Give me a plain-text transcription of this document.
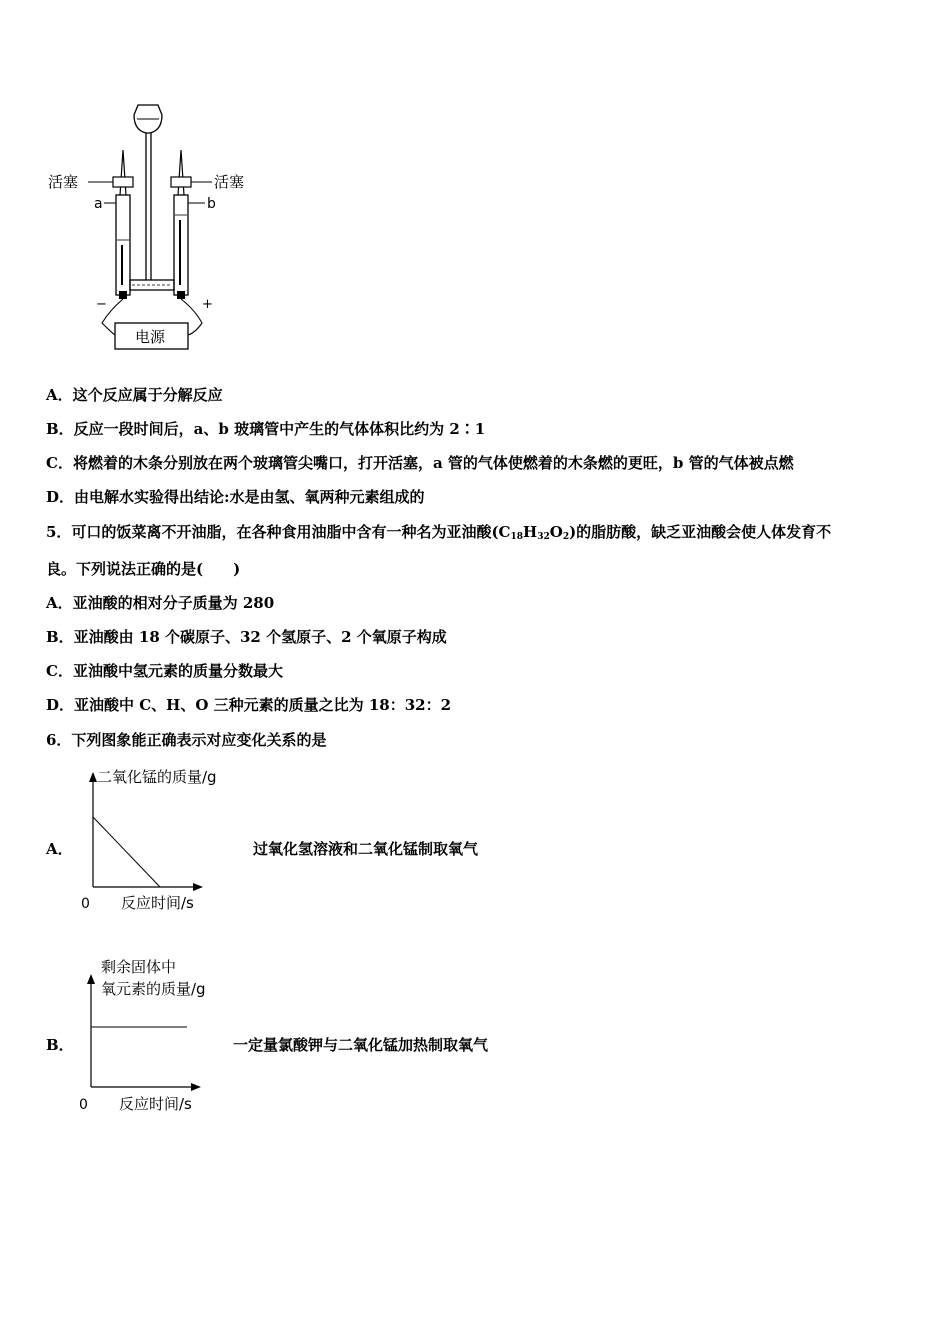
活塞	活塞
a	b
−	+
电源
A．这个反应属于分解反应
B．反应一段时间后，a、b 玻璃管中产生的气体体积比约为 2∶1
C．将燃着的木条分别放在两个玻璃管尖嘴口，打开活塞，a 管的气体使燃着的木条燃的更旺，b 管的气体被点燃
D．由电解水实验得出结论:水是由氢、氧两种元素组成的
5．可口的饭菜离不开油脂，在各种食用油脂中含有一种名为亚油酸$(C_{18}H_{32}O_2)$的脂肪酸，缺乏亚油酸会使人体发育不
良。下列说法正确的是(　　)
A．亚油酸的相对分子质量为 280
B．亚油酸由 18 个碳原子、32 个氢原子、2 个氧原子构成
C．亚油酸中氢元素的质量分数最大
D．亚油酸中 C、H、O 三种元素的质量之比为 18：32：2
6．下列图象能正确表示对应变化关系的是
A．
二氧化锰的质量/g
0 反应时间/s
过氧化氢溶液和二氧化锰制取氧气
B．
剩余固体中
氧元素的质量/g
0 反应时间/s
一定量氯酸钾与二氧化锰加热制取氧气
